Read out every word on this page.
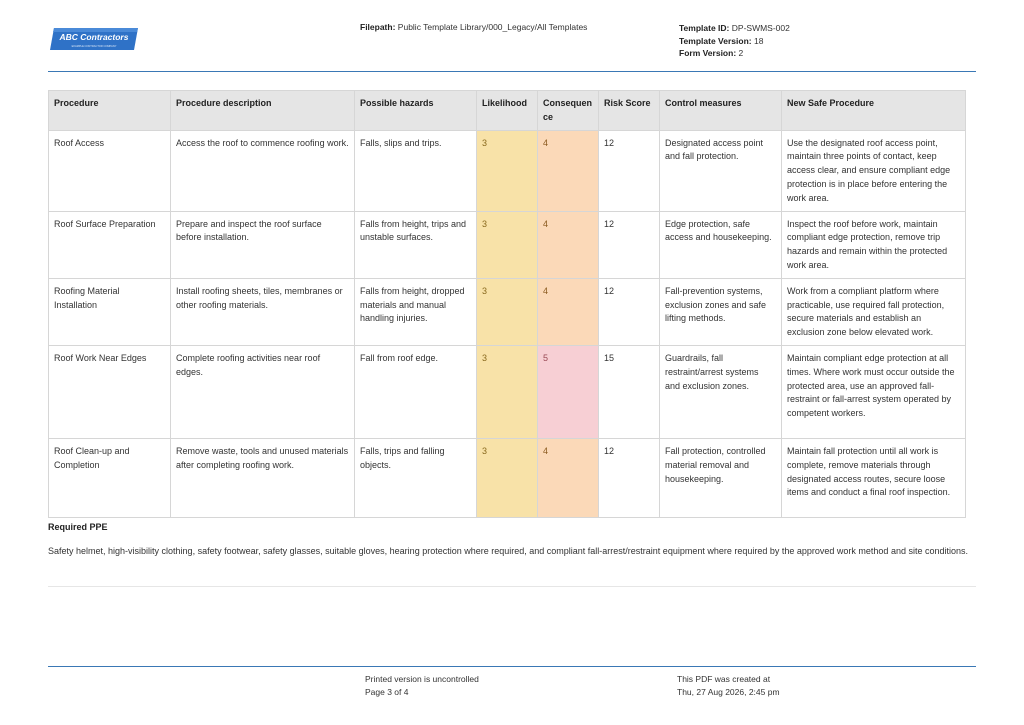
ABC Contractors
EXAMPLE CONTRACTOR COMPANY
Filepath: Public Template Library/000_Legacy/All Templates	Template ID: DP-SWMS-002
Template Version: 18
Form Version: 2
Procedure	Procedure description	Possible hazards	Likelihood	Consequen ce	Risk Score	Control measures	New Safe Procedure
Roof Access	Access the roof to commence roofing work.	Falls, slips and trips.	3	4	12	Designated access point and fall protection.	Use the designated roof access point, maintain three points of contact, keep access clear, and ensure compliant edge protection is in place before entering the work area.
Roof Surface Preparation	Prepare and inspect the roof surface before installation.	Falls from height, trips and unstable surfaces.	3	4	12	Edge protection, safe access and housekeeping.	Inspect the roof before work, maintain compliant edge protection, remove trip hazards and remain within the protected work area.
Roofing Material Installation	Install roofing sheets, tiles, membranes or other roofing materials.	Falls from height, dropped materials and manual handling injuries.	3	4	12	Fall-prevention systems, exclusion zones and safe lifting methods.	Work from a compliant platform where practicable, use required fall protection, secure materials and establish an exclusion zone below elevated work.
Roof Work Near Edges	Complete roofing activities near roof edges.	Fall from roof edge.	3	5	15	Guardrails, fall restraint/arrest systems and exclusion zones.	Maintain compliant edge protection at all times. Where work must occur outside the protected area, use an approved fall-restraint or fall-arrest system operated by competent workers.
Roof Clean-up and Completion	Remove waste, tools and unused materials after completing roofing work.	Falls, trips and falling objects.	3	4	12	Fall protection, controlled material removal and housekeeping.	Maintain fall protection until all work is complete, remove materials through designated access routes, secure loose items and conduct a final roof inspection.
Required PPE
Safety helmet, high-visibility clothing, safety footwear, safety glasses, suitable gloves, hearing protection where required, and compliant fall-arrest/restraint equipment where required by the approved work method and site conditions.
Printed version is uncontrolled
Page 3 of 4
This PDF was created at
Thu, 27 Aug 2026, 2:45 pm
